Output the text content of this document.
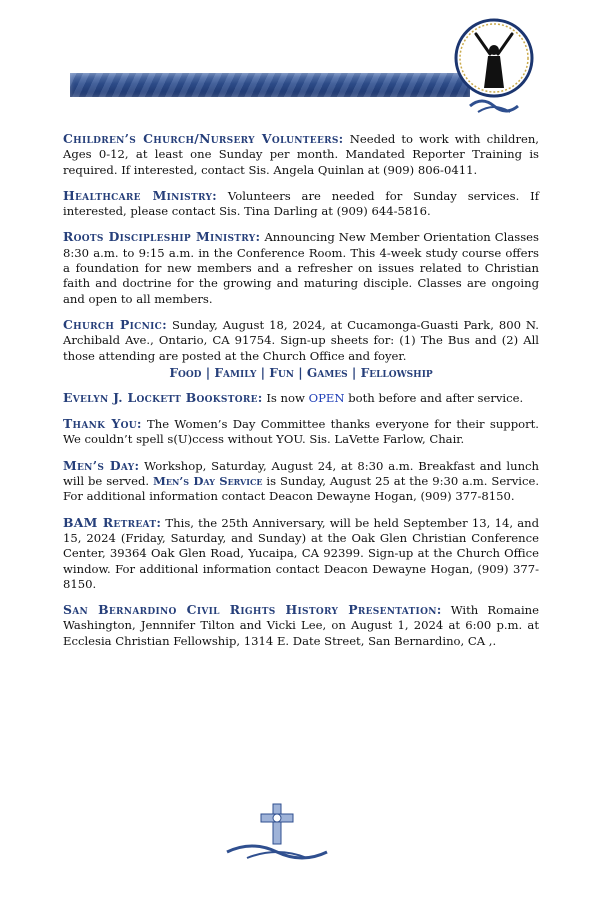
Children’s Church/Nursery Volunteers: Needed to work with children, Ages 0-12, at least one Sunday per month. Mandated Reporter Training is required. If interested, contact Sis. Angela Quinlan at (909) 806-0411.

Healthcare Ministry: Volunteers are needed for Sunday services. If interested, please contact Sis. Tina Darling at (909) 644-5816.

Roots Discipleship Ministry: Announcing New Member Orientation Classes 8:30 a.m. to 9:15 a.m. in the Conference Room. This 4-week study course offers a foundation for new members and a refresher on issues related to Christian faith and doctrine for the growing and maturing disciple. Classes are ongoing and open to all members.

Church Picnic: Sunday, August 18, 2024, at Cucamonga-Guasti Park, 800 N. Archibald Ave., Ontario, CA 91754. Sign-up sheets for: (1) The Bus and (2) All those attending are posted at the Church Office and foyer.

Food | Family | Fun | Games | Fellowship

Evelyn J. Lockett Bookstore: Is now OPEN both before and after service.

Thank You: The Women’s Day Committee thanks everyone for their support. We couldn’t spell s(U)ccess without YOU. Sis. LaVette Farlow, Chair.

Men’s Day: Workshop, Saturday, August 24, at 8:30 a.m. Breakfast and lunch will be served. Men’s Day Service is Sunday, August 25 at the 9:30 a.m. Service. For additional information contact Deacon Dewayne Hogan, (909) 377-8150.

BAM Retreat: This, the 25th Anniversary, will be held September 13, 14, and 15, 2024 (Friday, Saturday, and Sunday) at the Oak Glen Christian Conference Center, 39364 Oak Glen Road, Yucaipa, CA 92399. Sign-up at the Church Office window. For additional information contact Deacon Dewayne Hogan, (909) 377-8150.

San Bernardino Civil Rights History Presentation: With Romaine Washington, Jennnifer Tilton and Vicki Lee, on August 1, 2024 at 6:00 p.m. at Ecclesia Christian Fellowship, 1314 E. Date Street, San Bernardino, CA ,.
